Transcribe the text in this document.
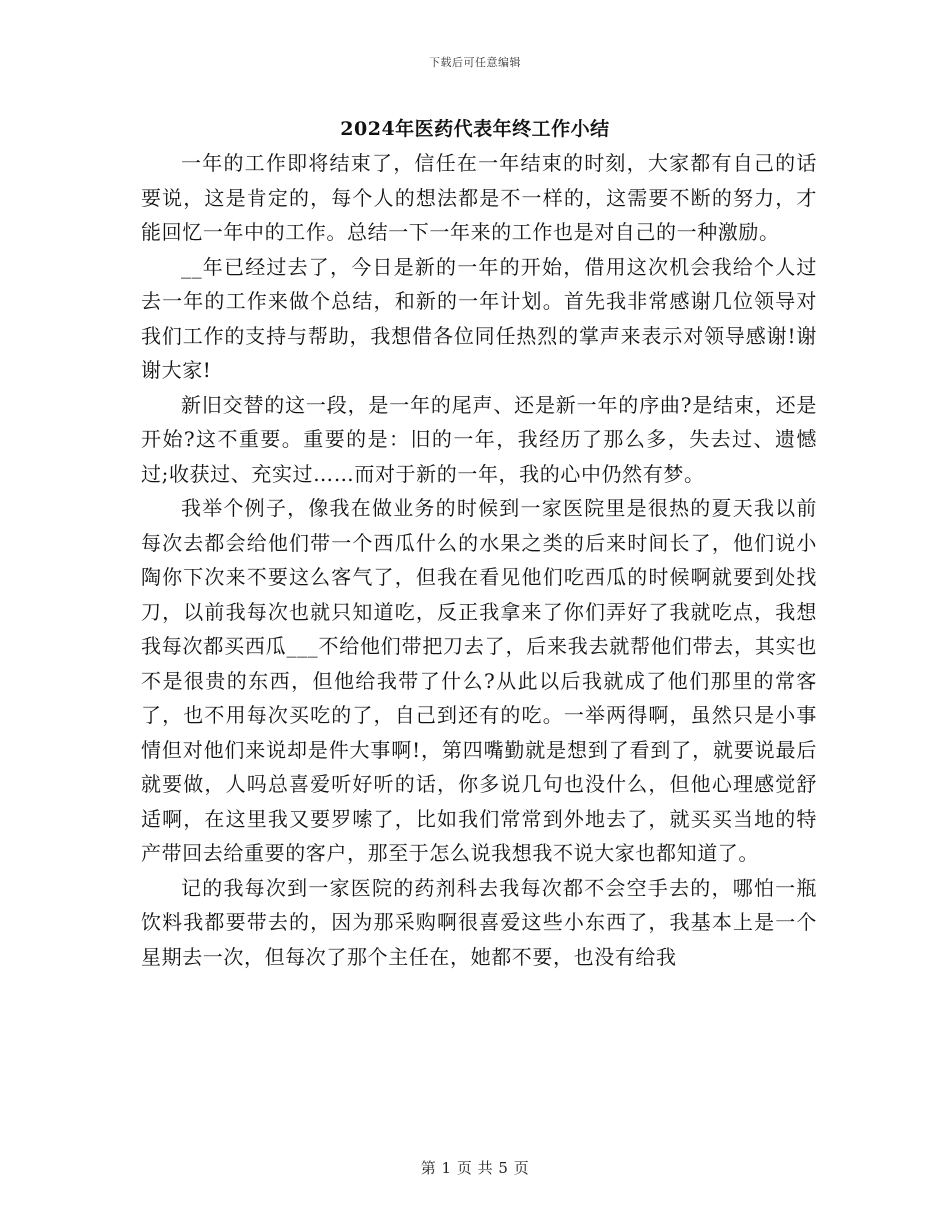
下载后可任意编辑
2024年医药代表年终工作小结

一年的工作即将结束了，信任在一年结束的时刻，大家都有自己的话要说，这是肯定的，每个人的想法都是不一样的，这需要不断的努力，才能回忆一年中的工作。总结一下一年来的工作也是对自己的一种激励。

__年已经过去了，今日是新的一年的开始，借用这次机会我给个人过去一年的工作来做个总结，和新的一年计划。首先我非常感谢几位领导对我们工作的支持与帮助，我想借各位同任热烈的掌声来表示对领导感谢!谢谢大家!

新旧交替的这一段，是一年的尾声、还是新一年的序曲?是结束，还是开始?这不重要。重要的是：旧的一年，我经历了那么多，失去过、遗憾过;收获过、充实过……而对于新的一年，我的心中仍然有梦。

我举个例子，像我在做业务的时候到一家医院里是很热的夏天我以前每次去都会给他们带一个西瓜什么的水果之类的后来时间长了，他们说小陶你下次来不要这么客气了，但我在看见他们吃西瓜的时候啊就要到处找刀，以前我每次也就只知道吃，反正我拿来了你们弄好了我就吃点，我想我每次都买西瓜___不给他们带把刀去了，后来我去就帮他们带去，其实也不是很贵的东西，但他给我带了什么?从此以后我就成了他们那里的常客了，也不用每次买吃的了，自己到还有的吃。一举两得啊，虽然只是小事情但对他们来说却是件大事啊!，第四嘴勤就是想到了看到了，就要说最后就要做，人吗总喜爱听好听的话，你多说几句也没什么，但他心理感觉舒适啊，在这里我又要罗嗦了，比如我们常常到外地去了，就买买当地的特产带回去给重要的客户，那至于怎么说我想我不说大家也都知道了。

记的我每次到一家医院的药剂科去我每次都不会空手去的，哪怕一瓶饮料我都要带去的，因为那采购啊很喜爱这些小东西了，我基本上是一个星期去一次，但每次了那个主任在，她都不要，也没有给我

第 1 页 共 5 页
